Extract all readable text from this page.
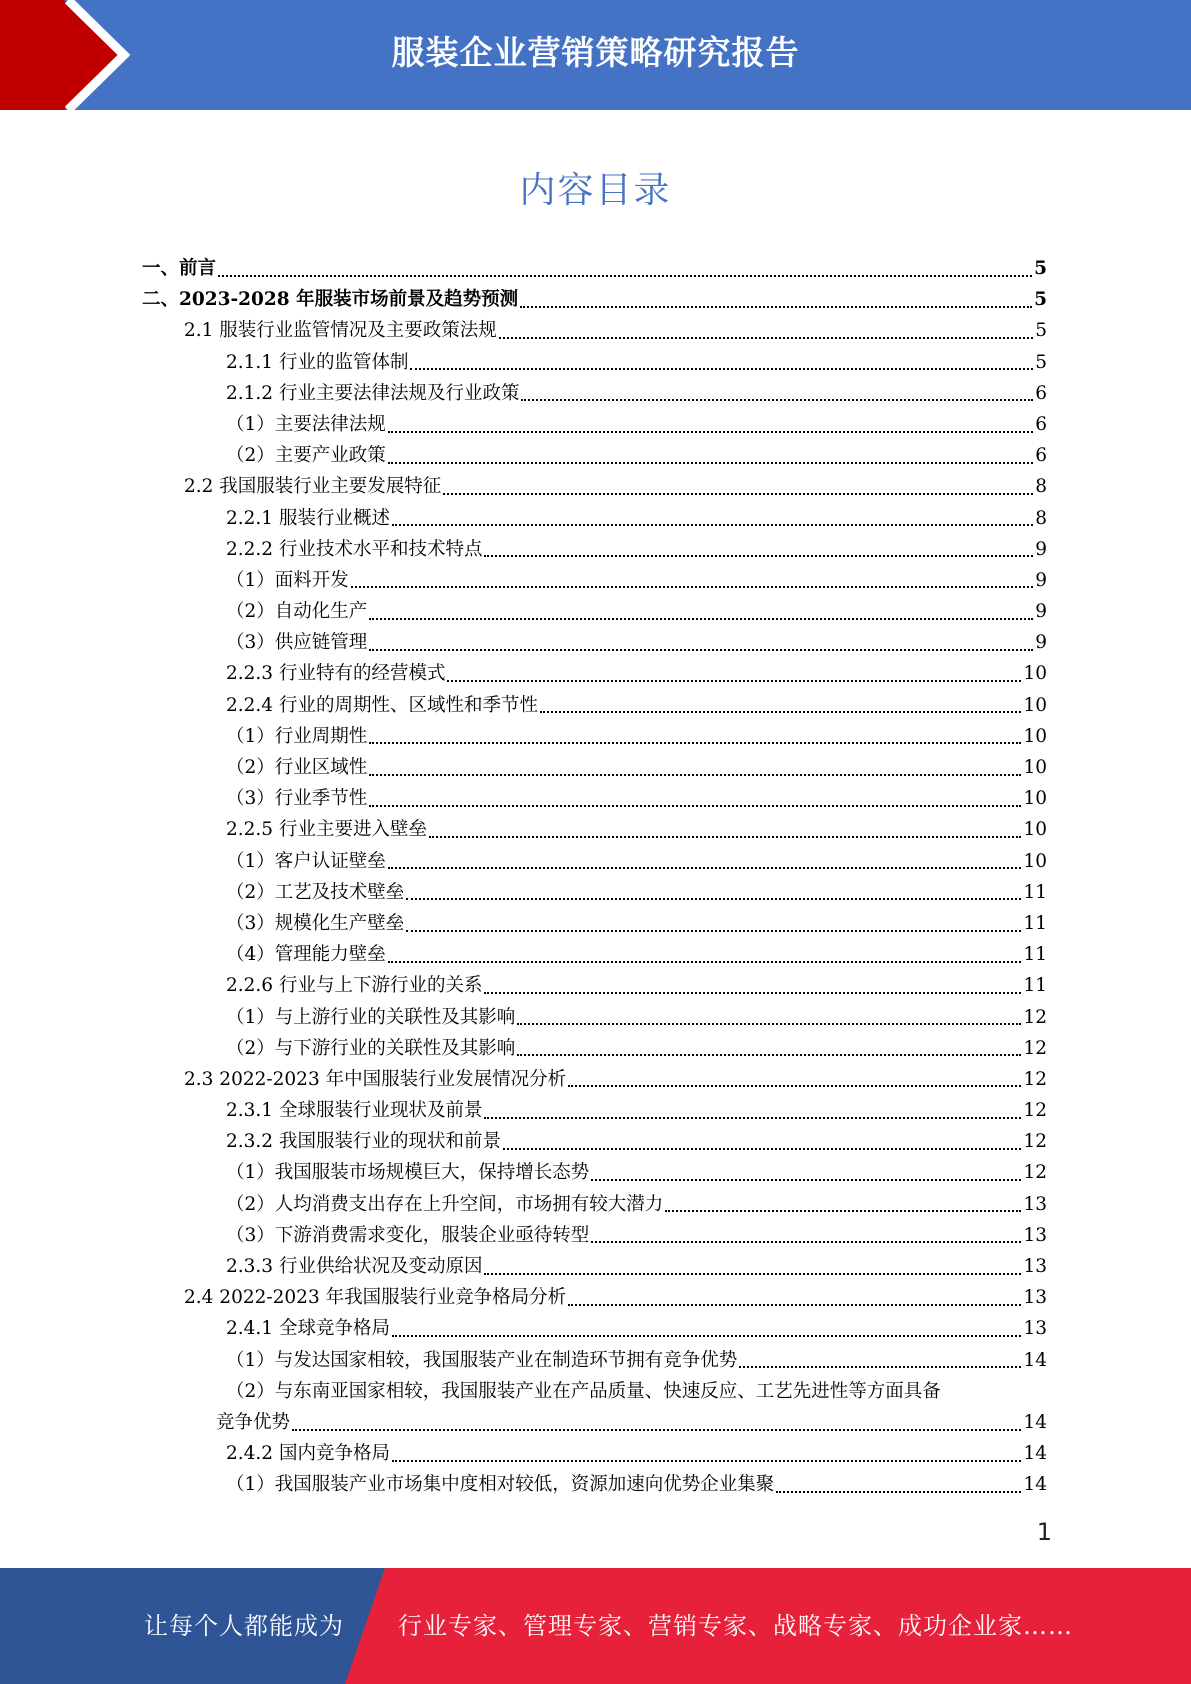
服装企业营销策略研究报告
内容目录
一、前言	5
二、2023-2028 年服装市场前景及趋势预测	5
2.1 服装行业监管情况及主要政策法规	5
2.1.1 行业的监管体制	5
2.1.2 行业主要法律法规及行业政策	6
（1）主要法律法规	6
（2）主要产业政策	6
2.2 我国服装行业主要发展特征	8
2.2.1 服装行业概述	8
2.2.2 行业技术水平和技术特点	9
（1）面料开发	9
（2）自动化生产	9
（3）供应链管理	9
2.2.3 行业特有的经营模式	10
2.2.4 行业的周期性、区域性和季节性	10
（1）行业周期性	10
（2）行业区域性	10
（3）行业季节性	10
2.2.5 行业主要进入壁垒	10
（1）客户认证壁垒	10
（2）工艺及技术壁垒	11
（3）规模化生产壁垒	11
（4）管理能力壁垒	11
2.2.6 行业与上下游行业的关系	11
（1）与上游行业的关联性及其影响	12
（2）与下游行业的关联性及其影响	12
2.3 2022-2023 年中国服装行业发展情况分析	12
2.3.1 全球服装行业现状及前景	12
2.3.2 我国服装行业的现状和前景	12
（1）我国服装市场规模巨大，保持增长态势	12
（2）人均消费支出存在上升空间，市场拥有较大潜力	13
（3）下游消费需求变化，服装企业亟待转型	13
2.3.3 行业供给状况及变动原因	13
2.4 2022-2023 年我国服装行业竞争格局分析	13
2.4.1 全球竞争格局	13
（1）与发达国家相较，我国服装产业在制造环节拥有竞争优势	14
（2）与东南亚国家相较，我国服装产业在产品质量、快速反应、工艺先进性等方面具备
竞争优势	14
2.4.2 国内竞争格局	14
（1）我国服装产业市场集中度相对较低，资源加速向优势企业集聚	14
1
让每个人都能成为 行业专家、管理专家、营销专家、战略专家、成功企业家……
